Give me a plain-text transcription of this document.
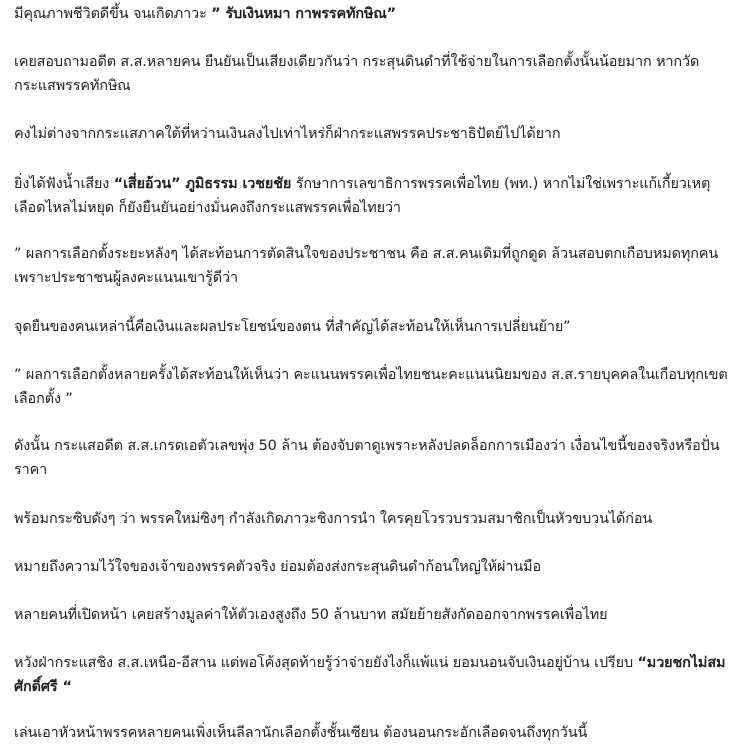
มีคุณภาพชีวิตดีขึ้น จนเกิดภาวะ ” รับเงินหมา กาพรรคทักษิณ”

เคยสอบถามอดีต ส.ส.หลายคน ยืนยันเป็นเสียงเดียวกันว่า กระสุนดินดำที่ใช้จ่ายในการเลือกตั้งนั้นน้อยมาก หากวัดกระแสพรรคทักษิณ

คงไม่ต่างจากกระแสภาคใต้ที่หว่านเงินลงไปเท่าไหร่ก็ฝ่ากระแสพรรคประชาธิปัตย์ไปได้ยาก

ยิ่งได้ฟังน้ำเสียง “เสี่ยอ้วน” ภูมิธรรม เวชยชัย รักษาการเลขาธิการพรรคเพื่อไทย (พท.) หากไม่ใช่เพราะแก้เกี้ยวเหตุเลือดไหลไม่หยุด ก็ยังยืนยันอย่างมั่นคงถึงกระแสพรรคเพื่อไทยว่า

” ผลการเลือกตั้งระยะหลังๆ ได้สะท้อนการตัดสินใจของประชาชน คือ ส.ส.คนเดิมที่ถูกดูด ล้วนสอบตกเกือบหมดทุกคน เพราะประชาชนผู้ลงคะแนนเขารู้ดีว่า

จุดยืนของคนเหล่านี้คือเงินและผลประโยชน์ของตน ที่สำคัญได้สะท้อนให้เห็นการเปลี่ยนย้าย”

” ผลการเลือกตั้งหลายครั้งได้สะท้อนให้เห็นว่า คะแนนพรรคเพื่อไทยชนะคะแนนนิยมของ ส.ส.รายบุคคลในเกือบทุกเขตเลือกตั้ง ”

ดังนั้น กระแสอดีต ส.ส.เกรดเอตัวเลขพุ่ง 50 ล้าน ต้องจับตาดูเพราะหลังปลดล็อกการเมืองว่า เงื่อนไขนี้ของจริงหรือปั่นราคา

พร้อมกระซิบดังๆ ว่า พรรคใหม่ซิงๆ กำลังเกิดภาวะชิงการนำ ใครคุยโวรวบรวมสมาชิกเป็นหัวขบวนได้ก่อน

หมายถึงความไว้ใจของเจ้าของพรรคตัวจริง ย่อมต้องส่งกระสุนดินดำก้อนใหญ่ให้ผ่านมือ

หลายคนที่เปิดหน้า เคยสร้างมูลค่าให้ตัวเองสูงถึง 50 ล้านบาท สมัยย้ายสังกัดออกจากพรรคเพื่อไทย

หวังฝ่ากระแสชิง ส.ส.เหนือ-อีสาน แต่พอโค้งสุดท้ายรู้ว่าจ่ายยังไงก็แพ้แน่ ยอมนอนจับเงินอยู่บ้าน เปรียบ “มวยชกไม่สมศักดิ์ศรี “

เล่นเอาหัวหน้าพรรคหลายคนเพิ่งเห็นลีลานักเลือกตั้งชั้นเซียน ต้องนอนกระอักเลือดจนถึงทุกวันนี้
